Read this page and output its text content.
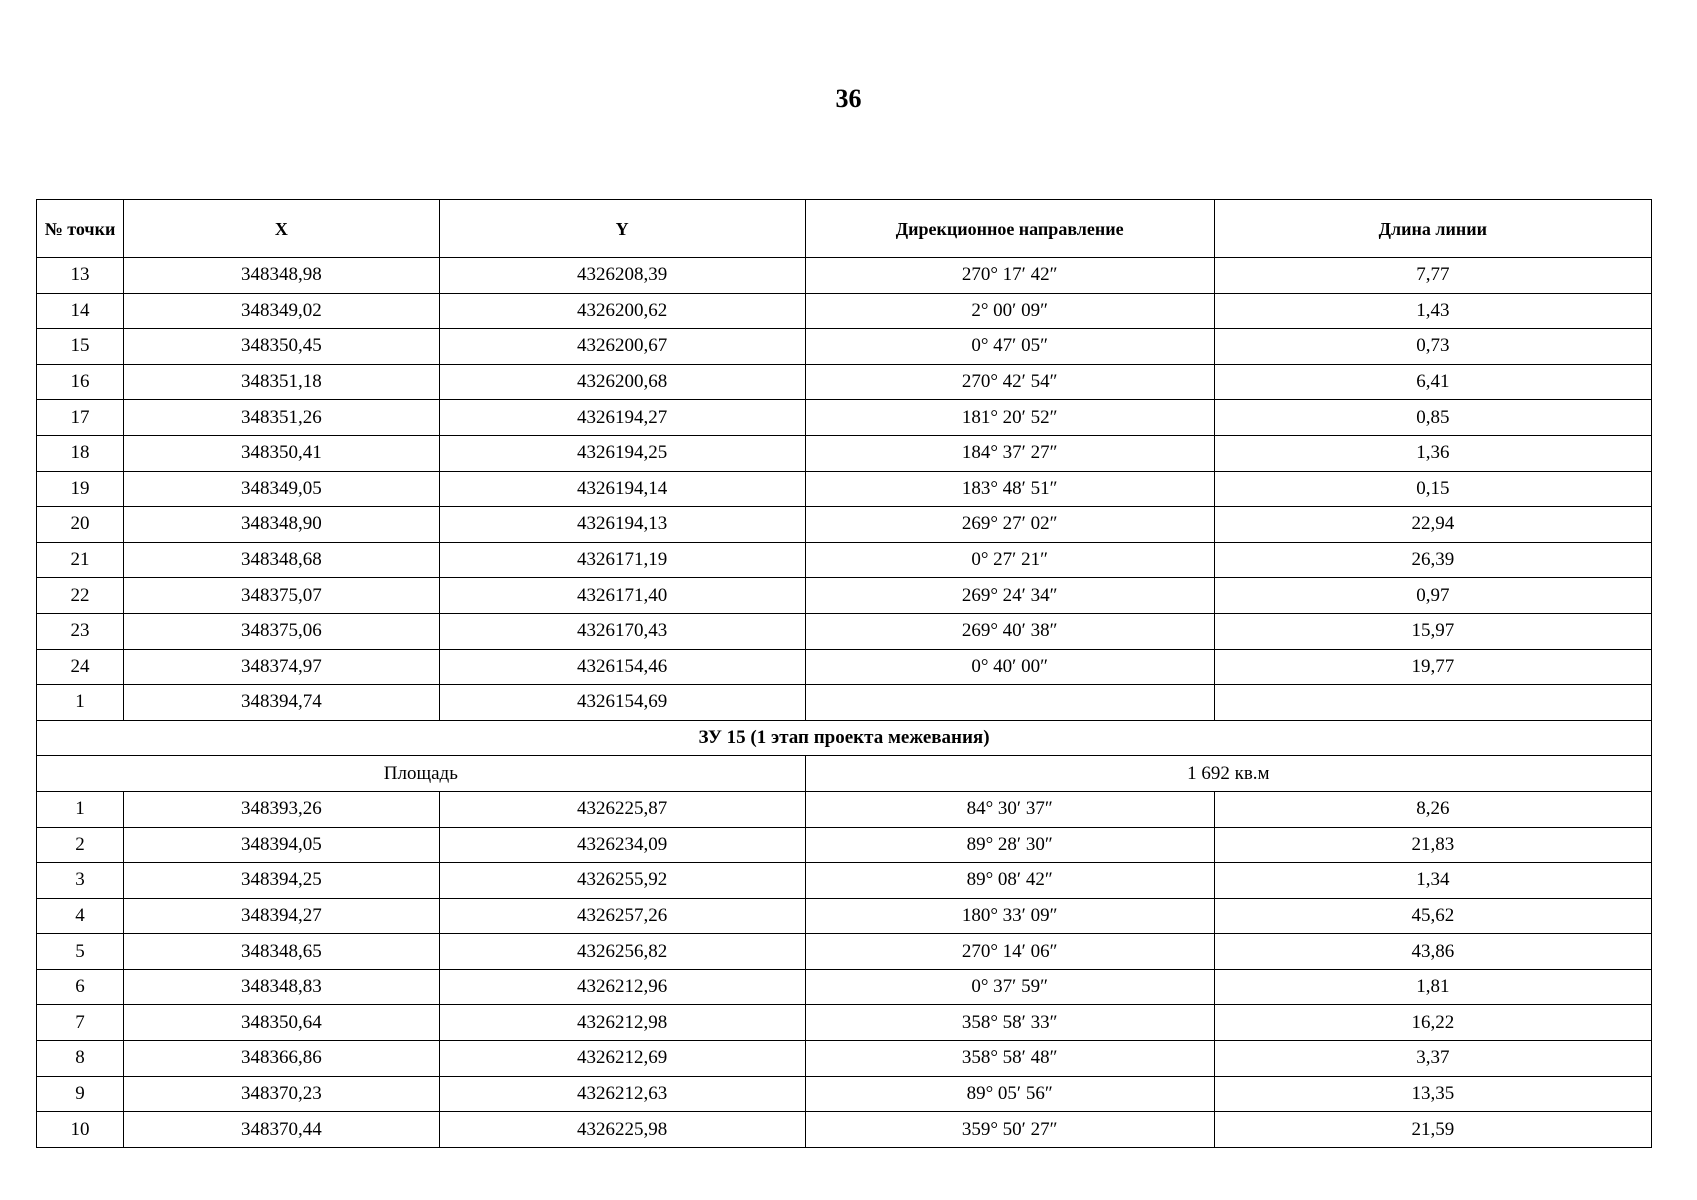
36
№ точки	X	Y	Дирекционное направление	Длина линии
13	348348,98	4326208,39	270° 17′ 42″	7,77
14	348349,02	4326200,62	2° 00′ 09″	1,43
15	348350,45	4326200,67	0° 47′ 05″	0,73
16	348351,18	4326200,68	270° 42′ 54″	6,41
17	348351,26	4326194,27	181° 20′ 52″	0,85
18	348350,41	4326194,25	184° 37′ 27″	1,36
19	348349,05	4326194,14	183° 48′ 51″	0,15
20	348348,90	4326194,13	269° 27′ 02″	22,94
21	348348,68	4326171,19	0° 27′ 21″	26,39
22	348375,07	4326171,40	269° 24′ 34″	0,97
23	348375,06	4326170,43	269° 40′ 38″	15,97
24	348374,97	4326154,46	0° 40′ 00″	19,77
1	348394,74	4326154,69		
ЗУ 15 (1 этап проекта межевания)				
Площадь			1 692 кв.м	
1	348393,26	4326225,87	84° 30′ 37″	8,26
2	348394,05	4326234,09	89° 28′ 30″	21,83
3	348394,25	4326255,92	89° 08′ 42″	1,34
4	348394,27	4326257,26	180° 33′ 09″	45,62
5	348348,65	4326256,82	270° 14′ 06″	43,86
6	348348,83	4326212,96	0° 37′ 59″	1,81
7	348350,64	4326212,98	358° 58′ 33″	16,22
8	348366,86	4326212,69	358° 58′ 48″	3,37
9	348370,23	4326212,63	89° 05′ 56″	13,35
10	348370,44	4326225,98	359° 50′ 27″	21,59
